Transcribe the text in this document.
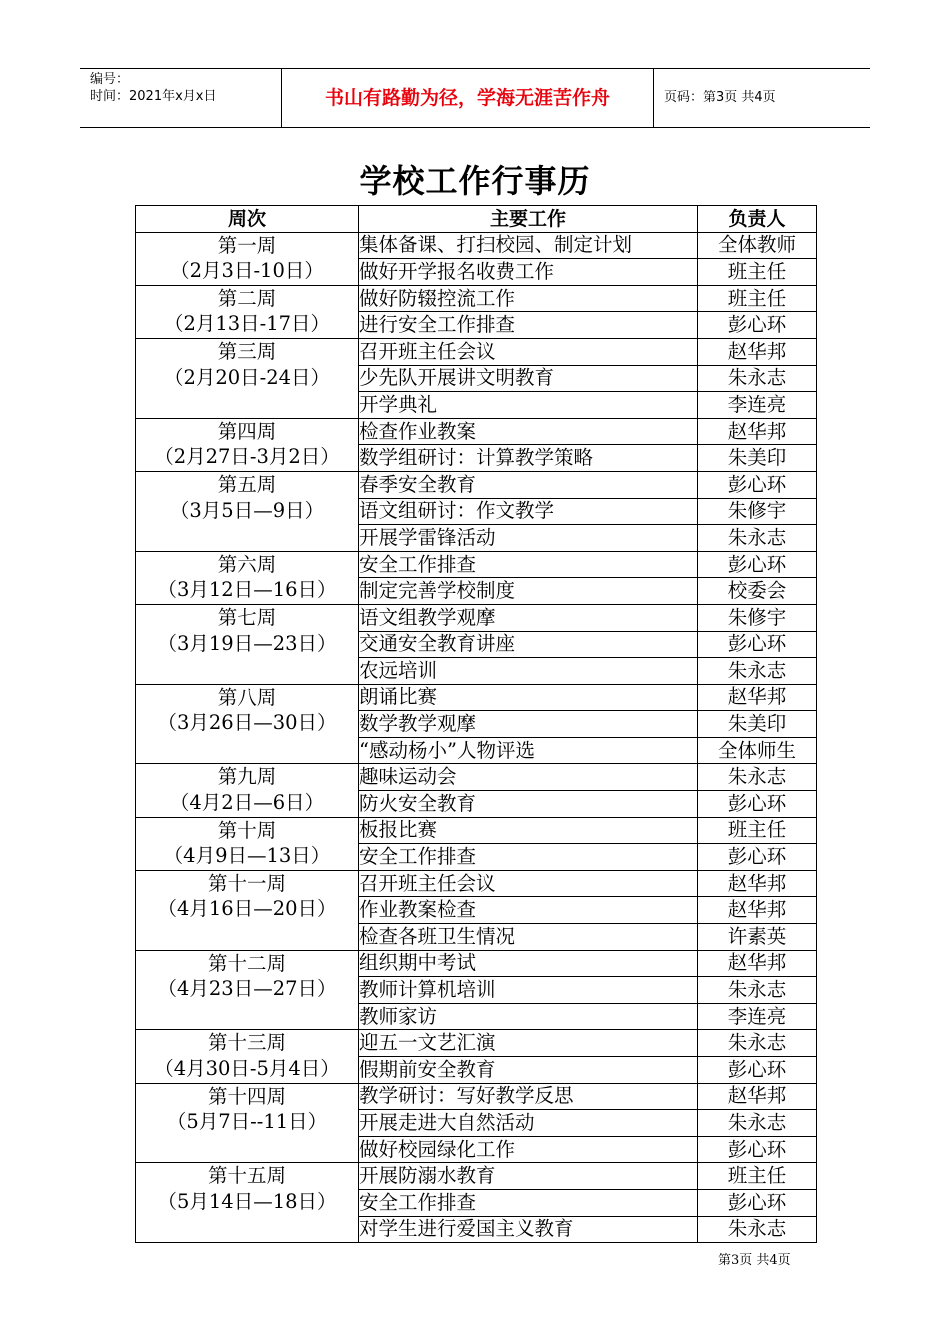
编号：
时间：2021年x月x日	书山有路勤为径，学海无涯苦作舟	页码：第3页 共4页
学校工作行事历
周次	主要工作	负责人

第一周
（2月3日-10日）	集体备课、打扫校园、制定计划	全体教师
	做好开学报名收费工作	班主任

第二周
（2月13日-17日）	做好防辍控流工作	班主任
	进行安全工作排查	彭心环

第三周
（2月20日-24日）	召开班主任会议	赵华邦
	少先队开展讲文明教育	朱永志
	开学典礼	李连亮

第四周
（2月27日-3月2日）	检查作业教案	赵华邦
	数学组研讨：计算教学策略	朱美印

第五周
（3月5日—9日）	春季安全教育	彭心环
	语文组研讨：作文教学	朱修宇
	开展学雷锋活动	朱永志

第六周
（3月12日—16日）	安全工作排查	彭心环
	制定完善学校制度	校委会

第七周
（3月19日—23日）	语文组教学观摩	朱修宇
	交通安全教育讲座	彭心环
	农远培训	朱永志

第八周
（3月26日—30日）	朗诵比赛	赵华邦
	数学教学观摩	朱美印
	“感动杨小”人物评选	全体师生

第九周
（4月2日—6日）	趣味运动会	朱永志
	防火安全教育	彭心环

第十周
（4月9日—13日）	板报比赛	班主任
	安全工作排查	彭心环

第十一周
（4月16日—20日）	召开班主任会议	赵华邦
	作业教案检查	赵华邦
	检查各班卫生情况	许素英

第十二周
（4月23日—27日）	组织期中考试	赵华邦
	教师计算机培训	朱永志
	教师家访	李连亮

第十三周
（4月30日-5月4日）	迎五一文艺汇演	朱永志
	假期前安全教育	彭心环

第十四周
（5月7日--11日）	教学研讨：写好教学反思	赵华邦
	开展走进大自然活动	朱永志
	做好校园绿化工作	彭心环

第十五周
（5月14日—18日）	开展防溺水教育	班主任
	安全工作排查	彭心环
	对学生进行爱国主义教育	朱永志
第3页 共4页
